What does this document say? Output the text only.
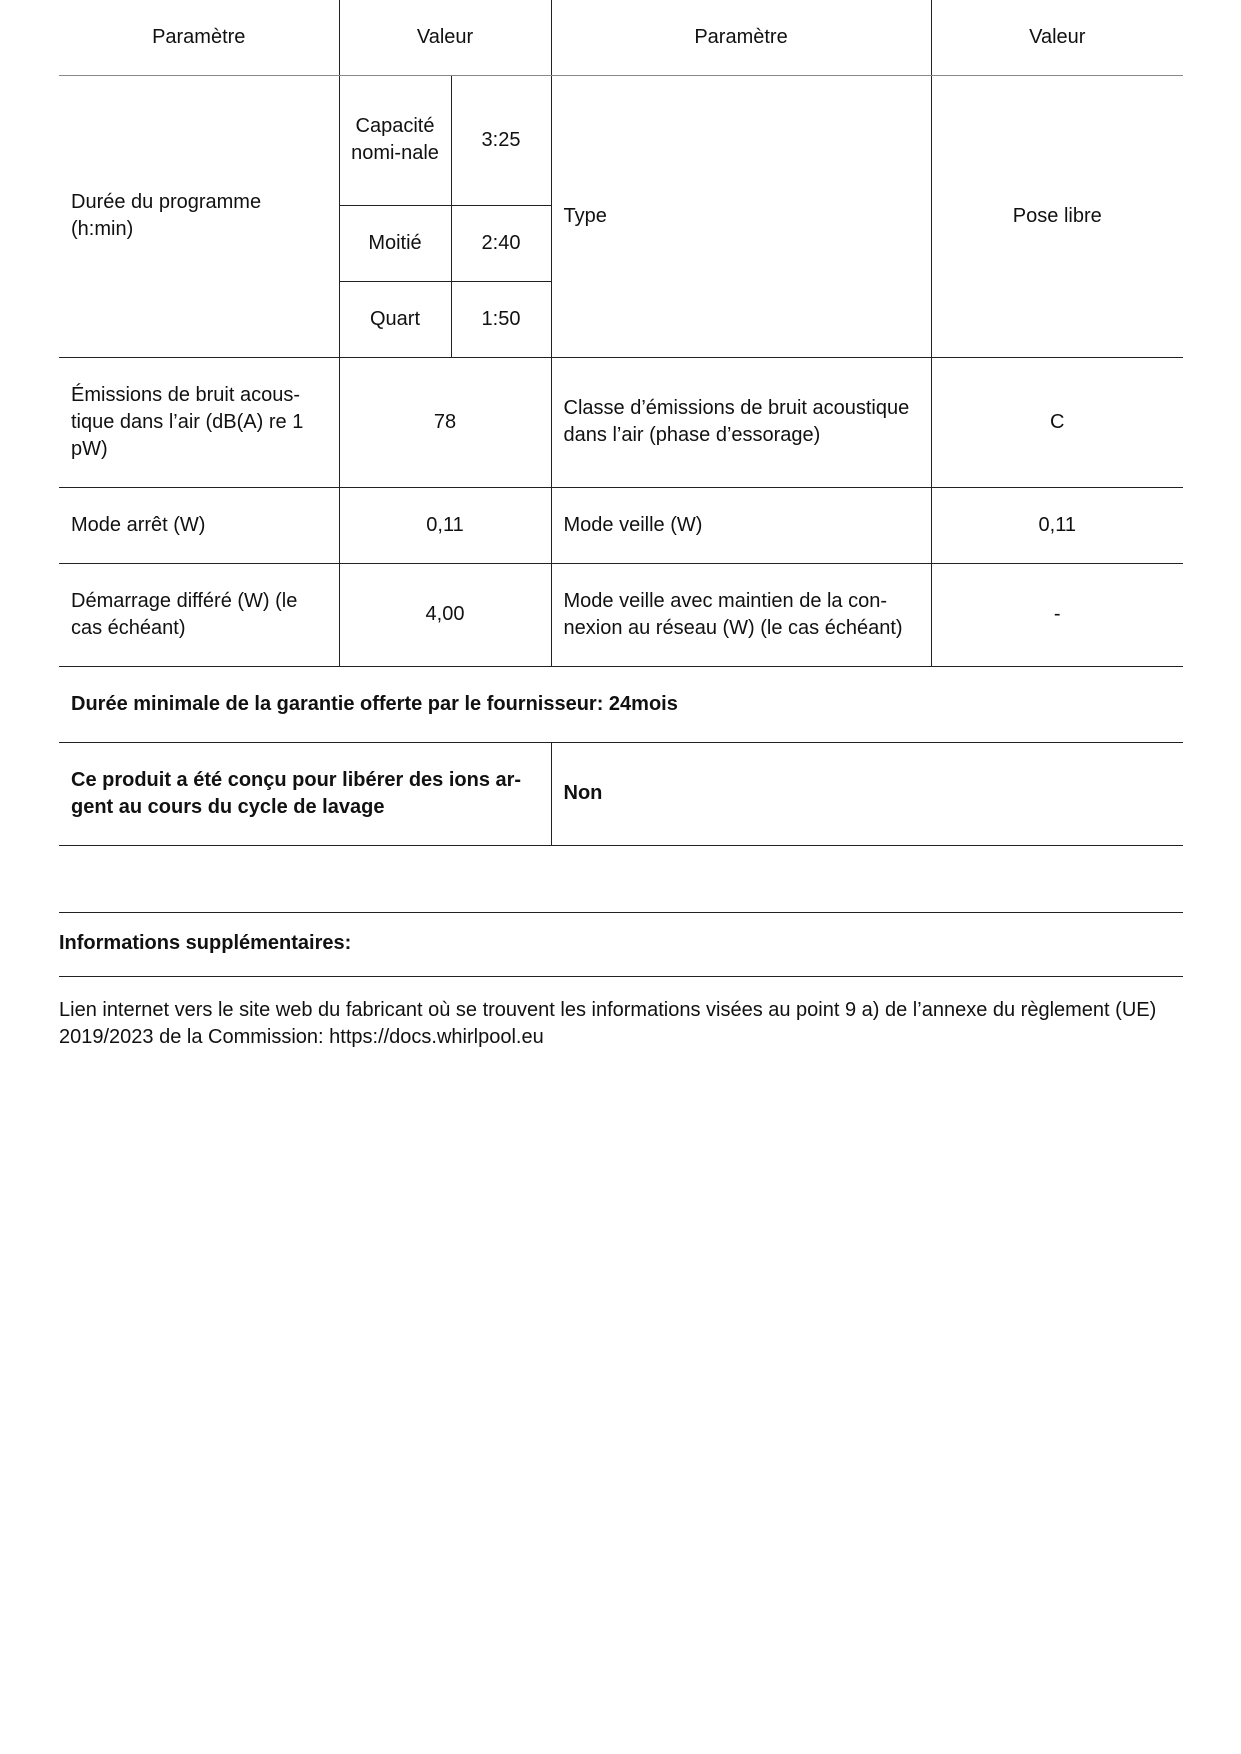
Paramètre	Valeur		Paramètre	Valeur
Durée du programme (h:min)	Capacité nomi-nale	3:25	Type	Pose libre
	Moitié	2:40		
	Quart	1:50		
Émissions de bruit acous-tique dans l’air (dB(A) re 1 pW)	78		Classe d’émissions de bruit acoustique dans l’air (phase d’essorage)	C
Mode arrêt (W)	0,11		Mode veille (W)	0,11
Démarrage différé (W) (le cas échéant)	4,00		Mode veille avec maintien de la con-nexion au réseau (W) (le cas échéant)	-
Durée minimale de la garantie offerte par le fournisseur: 24mois				
Ce produit a été conçu pour libérer des ions ar-gent au cours du cycle de lavage			Non	
Informations supplémentaires:
Lien internet vers le site web du fabricant où se trouvent les informations visées au point 9 a) de l’annexe du règlement (UE) 2019/2023 de la Commission: https://docs.whirlpool.eu
